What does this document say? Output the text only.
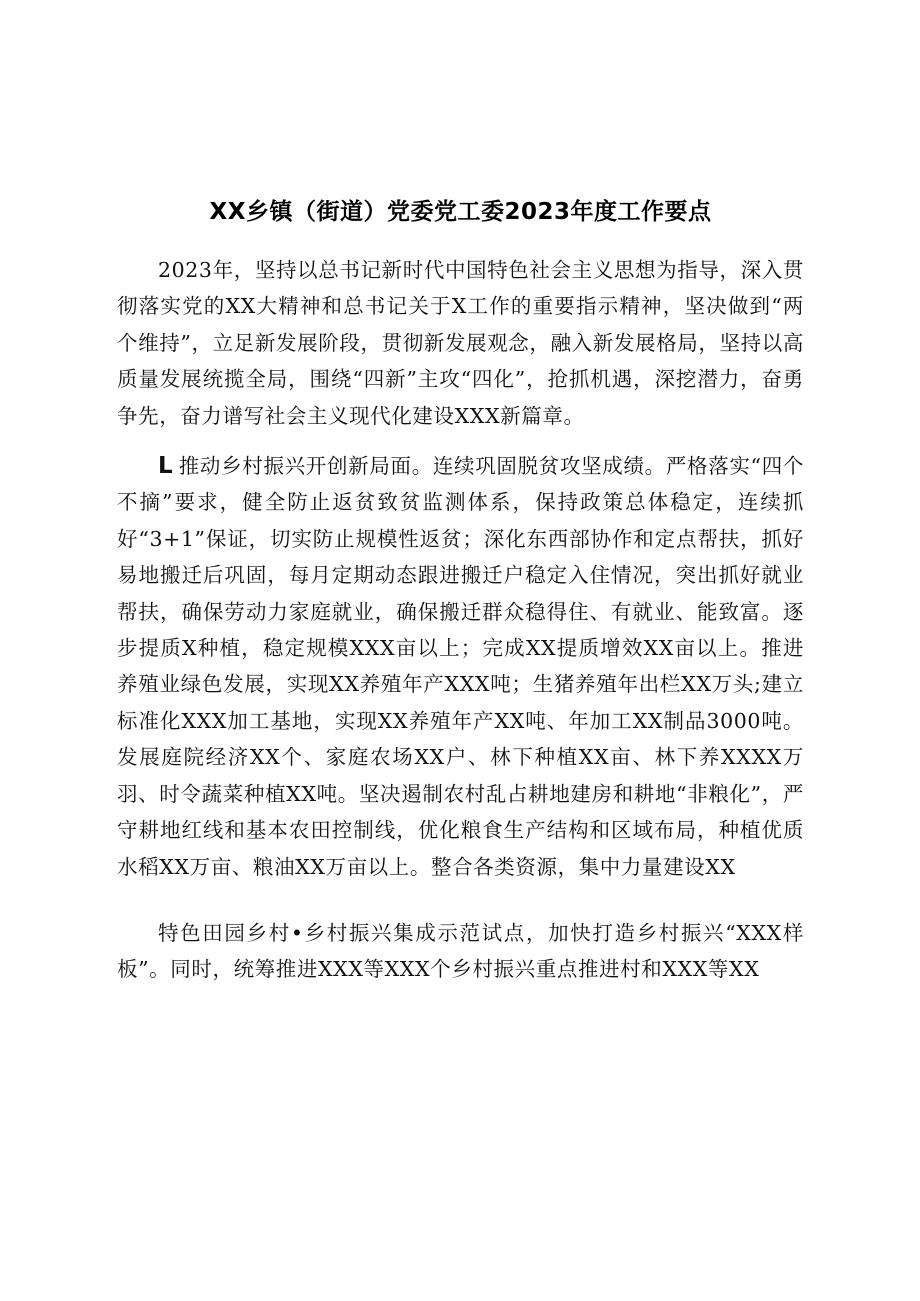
XX乡镇（街道）党委党工委2023年度工作要点

2023年，坚持以总书记新时代中国特色社会主义思想为指导，深入贯彻落实党的XX大精神和总书记关于X工作的重要指示精神，坚决做到“两个维持”，立足新发展阶段，贯彻新发展观念，融入新发展格局，坚持以高质量发展统揽全局，围绕“四新”主攻“四化”，抢抓机遇，深挖潜力，奋勇争先，奋力谱写社会主义现代化建设XXX新篇章。

L 推动乡村振兴开创新局面。连续巩固脱贫攻坚成绩。严格落实“四个不摘”要求，健全防止返贫致贫监测体系，保持政策总体稳定，连续抓好“3+1”保证，切实防止规模性返贫；深化东西部协作和定点帮扶，抓好易地搬迁后巩固，每月定期动态跟进搬迁户稳定入住情况，突出抓好就业帮扶，确保劳动力家庭就业，确保搬迁群众稳得住、有就业、能致富。逐步提质X种植，稳定规模XXX亩以上；完成XX提质增效XX亩以上。推进养殖业绿色发展，实现XX养殖年产XXX吨；生猪养殖年出栏XX万头;建立标准化XXX加工基地，实现XX养殖年产XX吨、年加工XX制品3000吨。发展庭院经济XX个、家庭农场XX户、林下种植XX亩、林下养XXXX万羽、时令蔬菜种植XX吨。坚决遏制农村乱占耕地建房和耕地“非粮化”，严守耕地红线和基本农田控制线，优化粮食生产结构和区域布局，种植优质水稻XX万亩、粮油XX万亩以上。整合各类资源，集中力量建设XX

特色田园乡村•乡村振兴集成示范试点，加快打造乡村振兴“XXX样板”。同时，统筹推进XXX等XXX个乡村振兴重点推进村和XXX等XX
